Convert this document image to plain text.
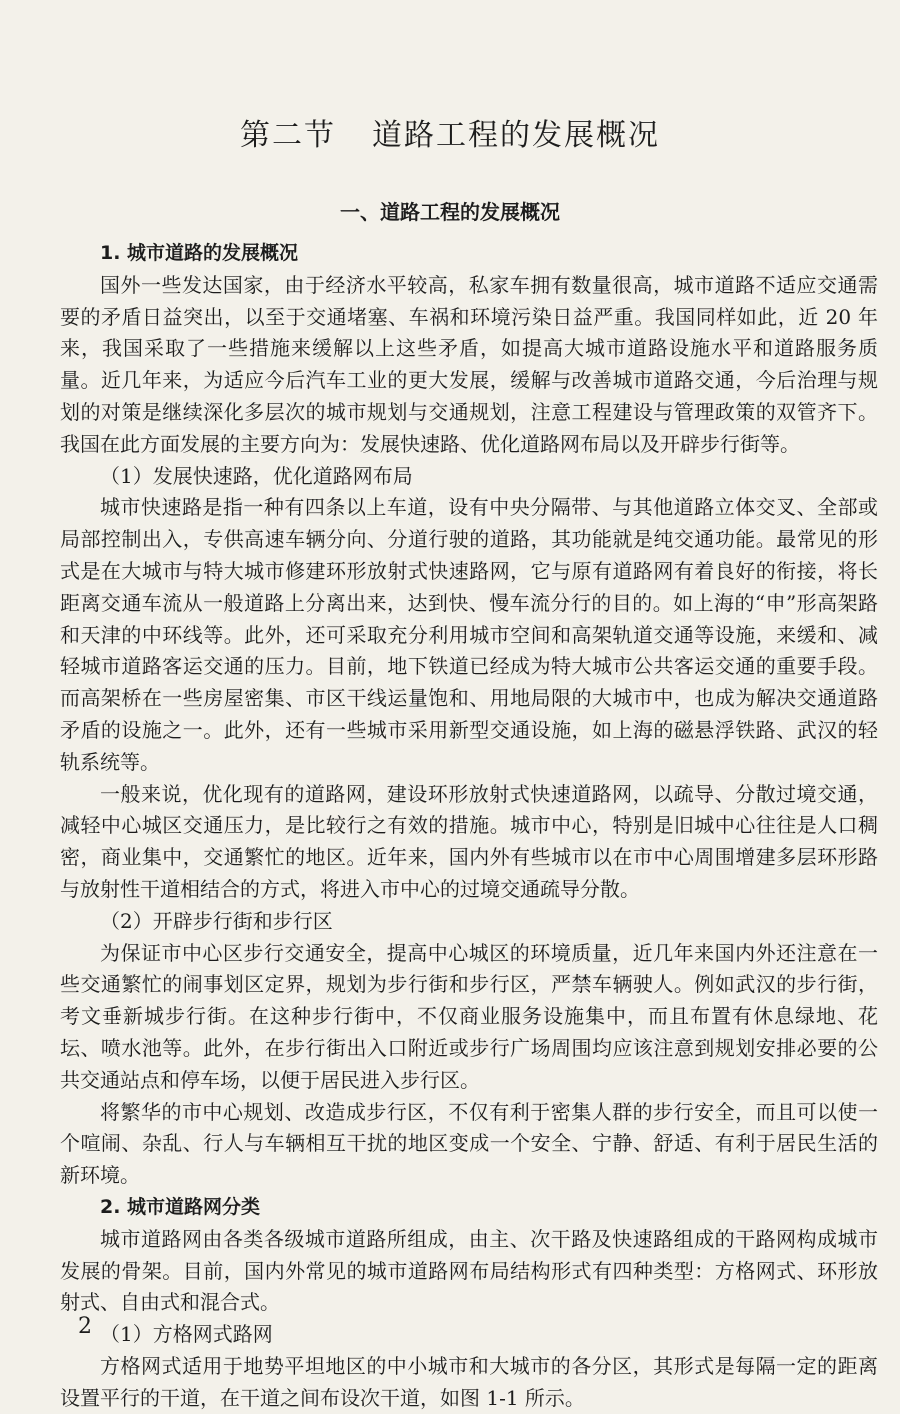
第二节 道路工程的发展概况
一、道路工程的发展概况

1. 城市道路的发展概况

国外一些发达国家，由于经济水平较高，私家车拥有数量很高，城市道路不适应交通需要的矛盾日益突出，以至于交通堵塞、车祸和环境污染日益严重。我国同样如此，近 20 年来，我国采取了一些措施来缓解以上这些矛盾，如提高大城市道路设施水平和道路服务质量。近几年来，为适应今后汽车工业的更大发展，缓解与改善城市道路交通，今后治理与规划的对策是继续深化多层次的城市规划与交通规划，注意工程建设与管理政策的双管齐下。我国在此方面发展的主要方向为：发展快速路、优化道路网布局以及开辟步行街等。

（1）发展快速路，优化道路网布局

城市快速路是指一种有四条以上车道，设有中央分隔带、与其他道路立体交叉、全部或局部控制出入，专供高速车辆分向、分道行驶的道路，其功能就是纯交通功能。最常见的形式是在大城市与特大城市修建环形放射式快速路网，它与原有道路网有着良好的衔接，将长距离交通车流从一般道路上分离出来，达到快、慢车流分行的目的。如上海的“申”形高架路和天津的中环线等。此外，还可采取充分利用城市空间和高架轨道交通等设施，来缓和、减轻城市道路客运交通的压力。目前，地下铁道已经成为特大城市公共客运交通的重要手段。而高架桥在一些房屋密集、市区干线运量饱和、用地局限的大城市中，也成为解决交通道路矛盾的设施之一。此外，还有一些城市采用新型交通设施，如上海的磁悬浮铁路、武汉的轻轨系统等。

一般来说，优化现有的道路网，建设环形放射式快速道路网，以疏导、分散过境交通，减轻中心城区交通压力，是比较行之有效的措施。城市中心，特别是旧城中心往往是人口稠密，商业集中，交通繁忙的地区。近年来，国内外有些城市以在市中心周围增建多层环形路与放射性干道相结合的方式，将进入市中心的过境交通疏导分散。

（2）开辟步行街和步行区

为保证市中心区步行交通安全，提高中心城区的环境质量，近几年来国内外还注意在一些交通繁忙的闹事划区定界，规划为步行街和步行区，严禁车辆驶人。例如武汉的步行街，考文垂新城步行街。在这种步行街中，不仅商业服务设施集中，而且布置有休息绿地、花坛、喷水池等。此外，在步行街出入口附近或步行广场周围均应该注意到规划安排必要的公共交通站点和停车场，以便于居民进入步行区。

将繁华的市中心规划、改造成步行区，不仅有利于密集人群的步行安全，而且可以使一个喧闹、杂乱、行人与车辆相互干扰的地区变成一个安全、宁静、舒适、有利于居民生活的新环境。

2. 城市道路网分类

城市道路网由各类各级城市道路所组成，由主、次干路及快速路组成的干路网构成城市发展的骨架。目前，国内外常见的城市道路网布局结构形式有四种类型：方格网式、环形放射式、自由式和混合式。

（1）方格网式路网

方格网式适用于地势平坦地区的中小城市和大城市的各分区，其形式是每隔一定的距离设置平行的干道，在干道之间布设次干道，如图 1-1 所示。

2
